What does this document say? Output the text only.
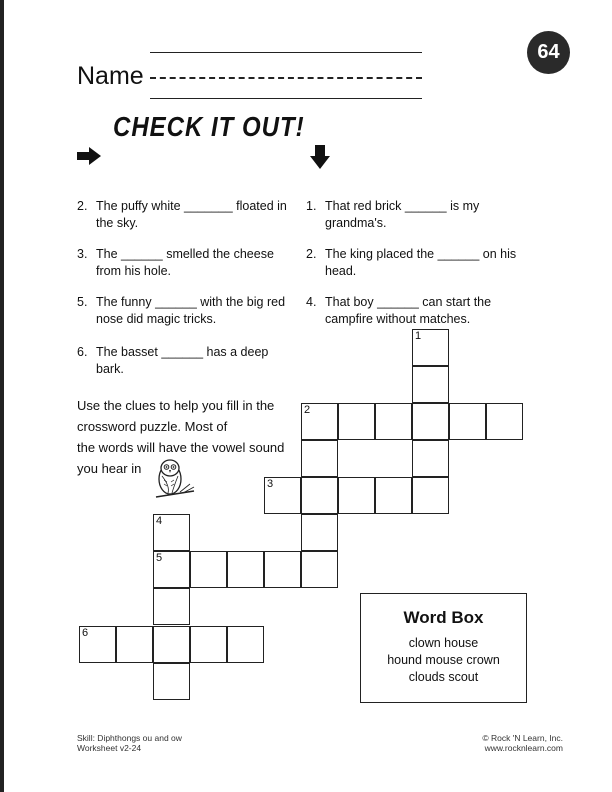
64
Name
CHECK IT OUT!
2. The puffy white _______ floated in
the sky.
3. The ______ smelled the cheese
from his hole.
5. The funny ______ with the big red
nose did magic tricks.
6. The basset ______ has a deep bark.
1. That red brick ______ is my
grandma's.
2. The king placed the ______ on his
head.
4. That boy ______ can start the
campfire without matches.
Use the clues to help you fill in the
crossword puzzle. Most of
the words will have the vowel sound
you hear in
1
2
3
4
5
6
Word Box
clown house
hound mouse crown
clouds scout
Skill: Diphthongs ou and ow
Worksheet v2-24
© Rock 'N Learn, Inc.
www.rocknlearn.com
